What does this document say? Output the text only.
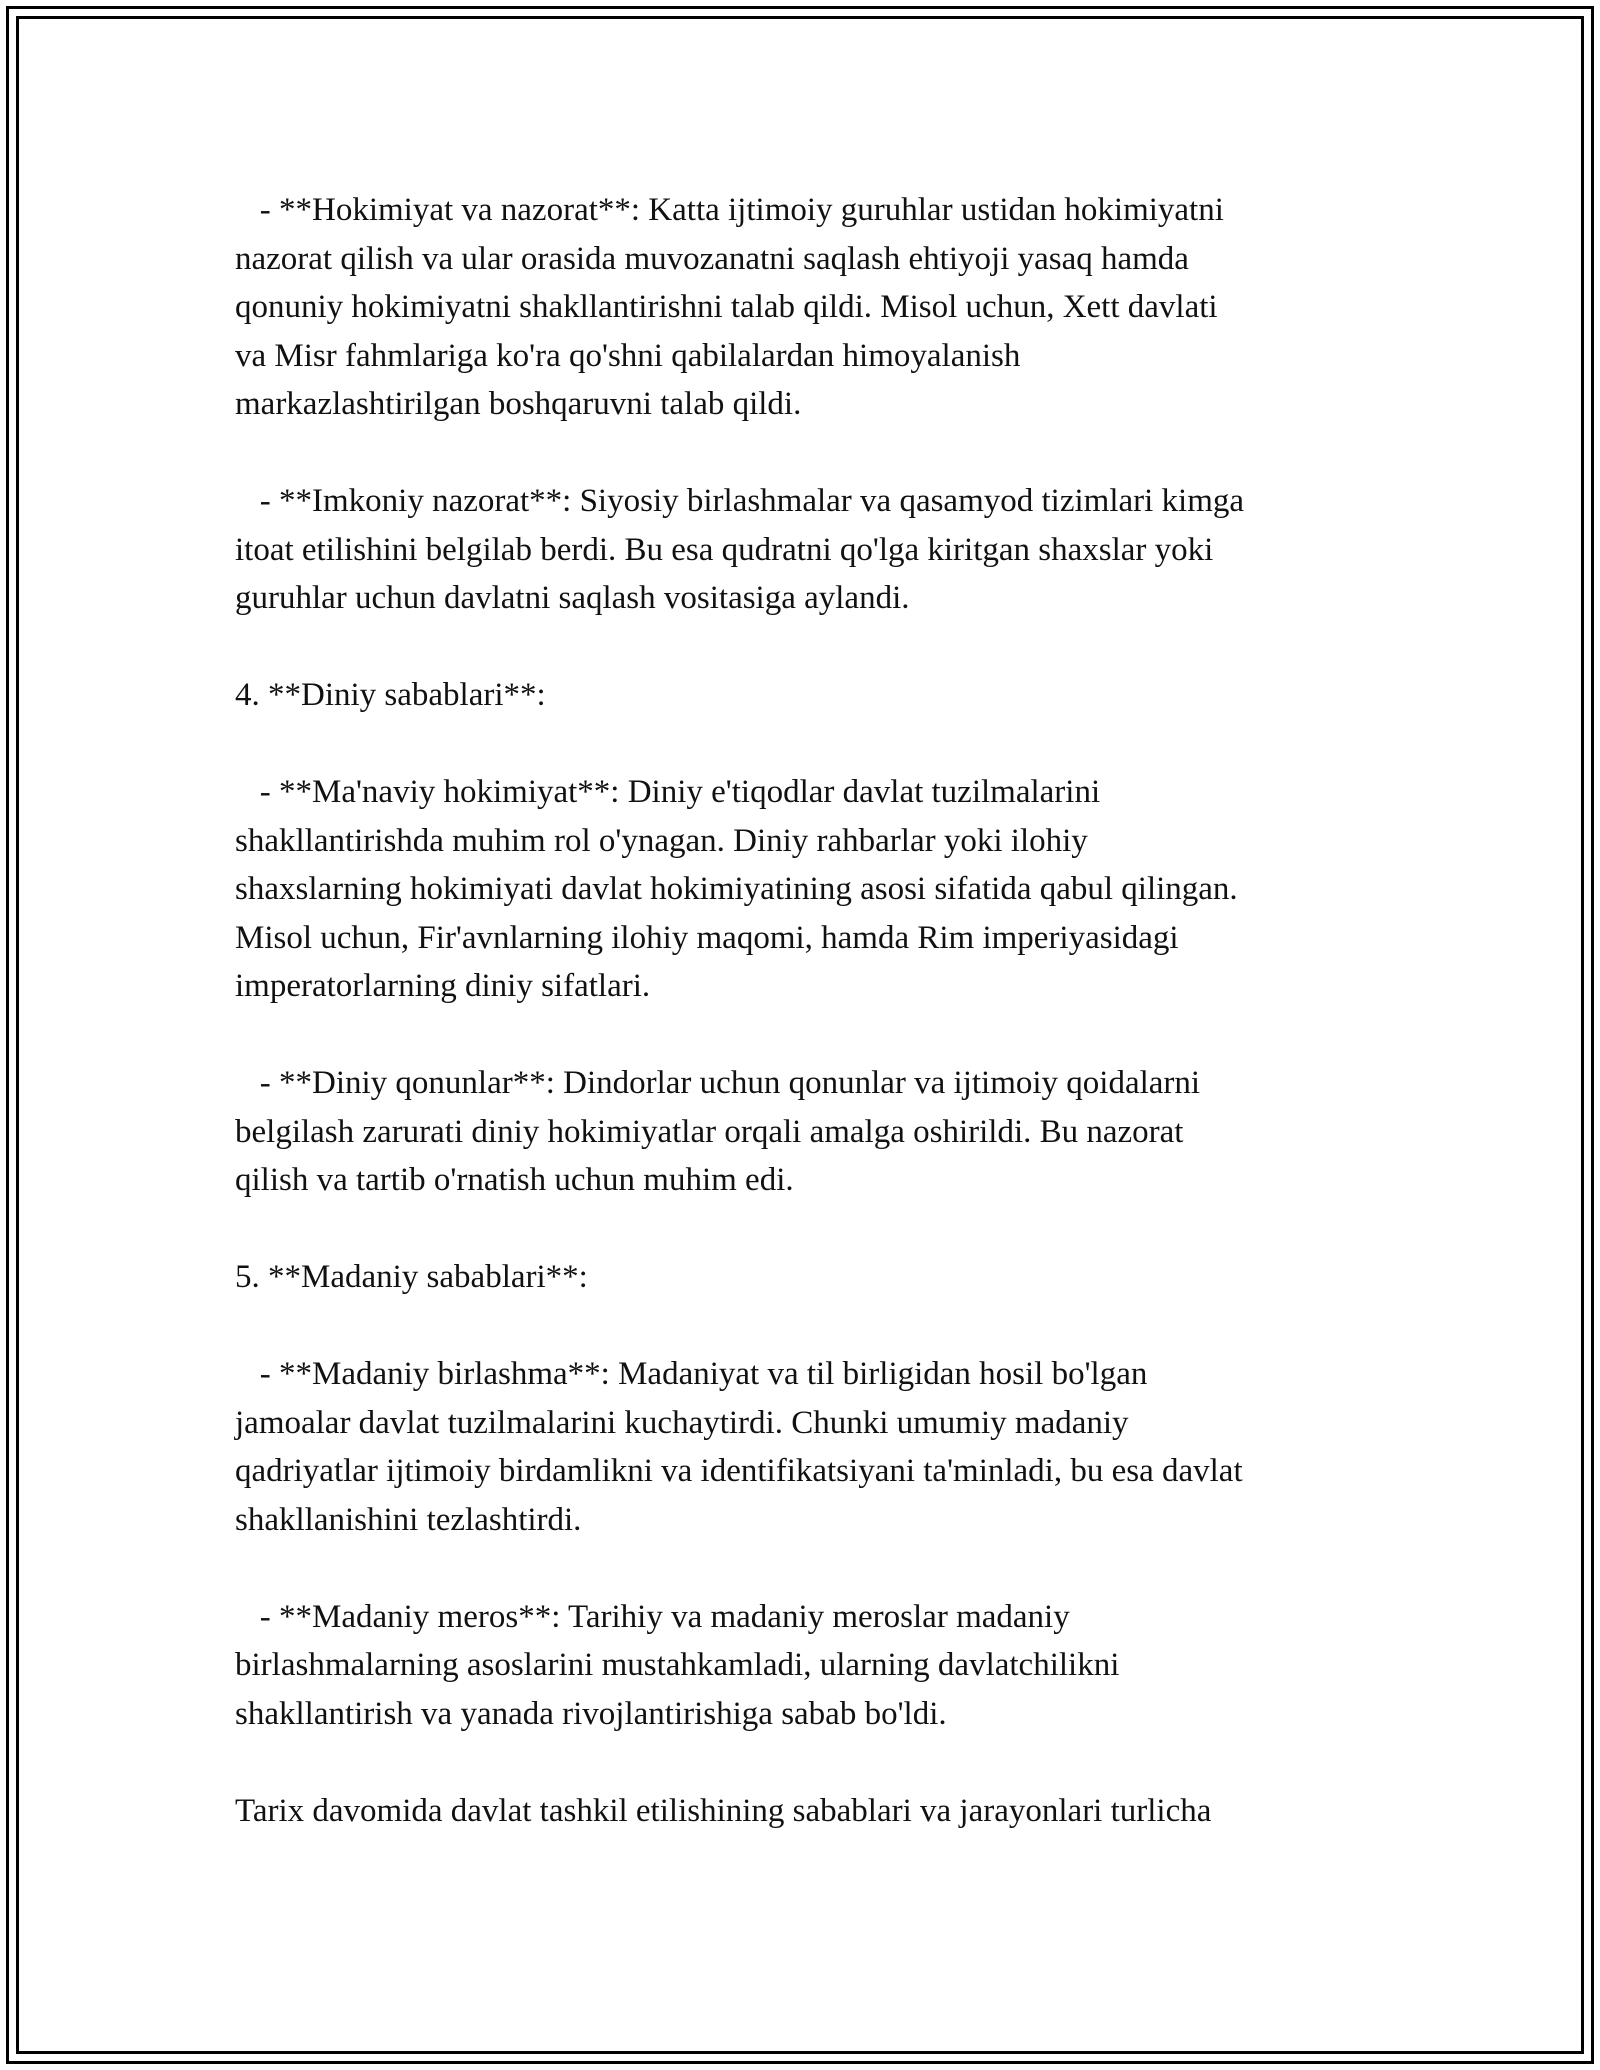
- **Hokimiyat va nazorat**: Katta ijtimoiy guruhlar ustidan hokimiyatni
nazorat qilish va ular orasida muvozanatni saqlash ehtiyoji yasaq hamda
qonuniy hokimiyatni shakllantirishni talab qildi. Misol uchun, Xett davlati
va Misr fahmlariga ko'ra qo'shni qabilalardan himoyalanish
markazlashtirilgan boshqaruvni talab qildi.

- **Imkoniy nazorat**: Siyosiy birlashmalar va qasamyod tizimlari kimga
itoat etilishini belgilab berdi. Bu esa qudratni qo'lga kiritgan shaxslar yoki
guruhlar uchun davlatni saqlash vositasiga aylandi.

4. **Diniy sabablari**:

- **Ma'naviy hokimiyat**: Diniy e'tiqodlar davlat tuzilmalarini
shakllantirishda muhim rol o'ynagan. Diniy rahbarlar yoki ilohiy
shaxslarning hokimiyati davlat hokimiyatining asosi sifatida qabul qilingan.
Misol uchun, Fir'avnlarning ilohiy maqomi, hamda Rim imperiyasidagi
imperatorlarning diniy sifatlari.

- **Diniy qonunlar**: Dindorlar uchun qonunlar va ijtimoiy qoidalarni
belgilash zarurati diniy hokimiyatlar orqali amalga oshirildi. Bu nazorat
qilish va tartib o'rnatish uchun muhim edi.

5. **Madaniy sabablari**:

- **Madaniy birlashma**: Madaniyat va til birligidan hosil bo'lgan
jamoalar davlat tuzilmalarini kuchaytirdi. Chunki umumiy madaniy
qadriyatlar ijtimoiy birdamlikni va identifikatsiyani ta'minladi, bu esa davlat
shakllanishini tezlashtirdi.

- **Madaniy meros**: Tarihiy va madaniy meroslar madaniy
birlashmalarning asoslarini mustahkamladi, ularning davlatchilikni
shakllantirish va yanada rivojlantirishiga sabab bo'ldi.

Tarix davomida davlat tashkil etilishining sabablari va jarayonlari turlicha
